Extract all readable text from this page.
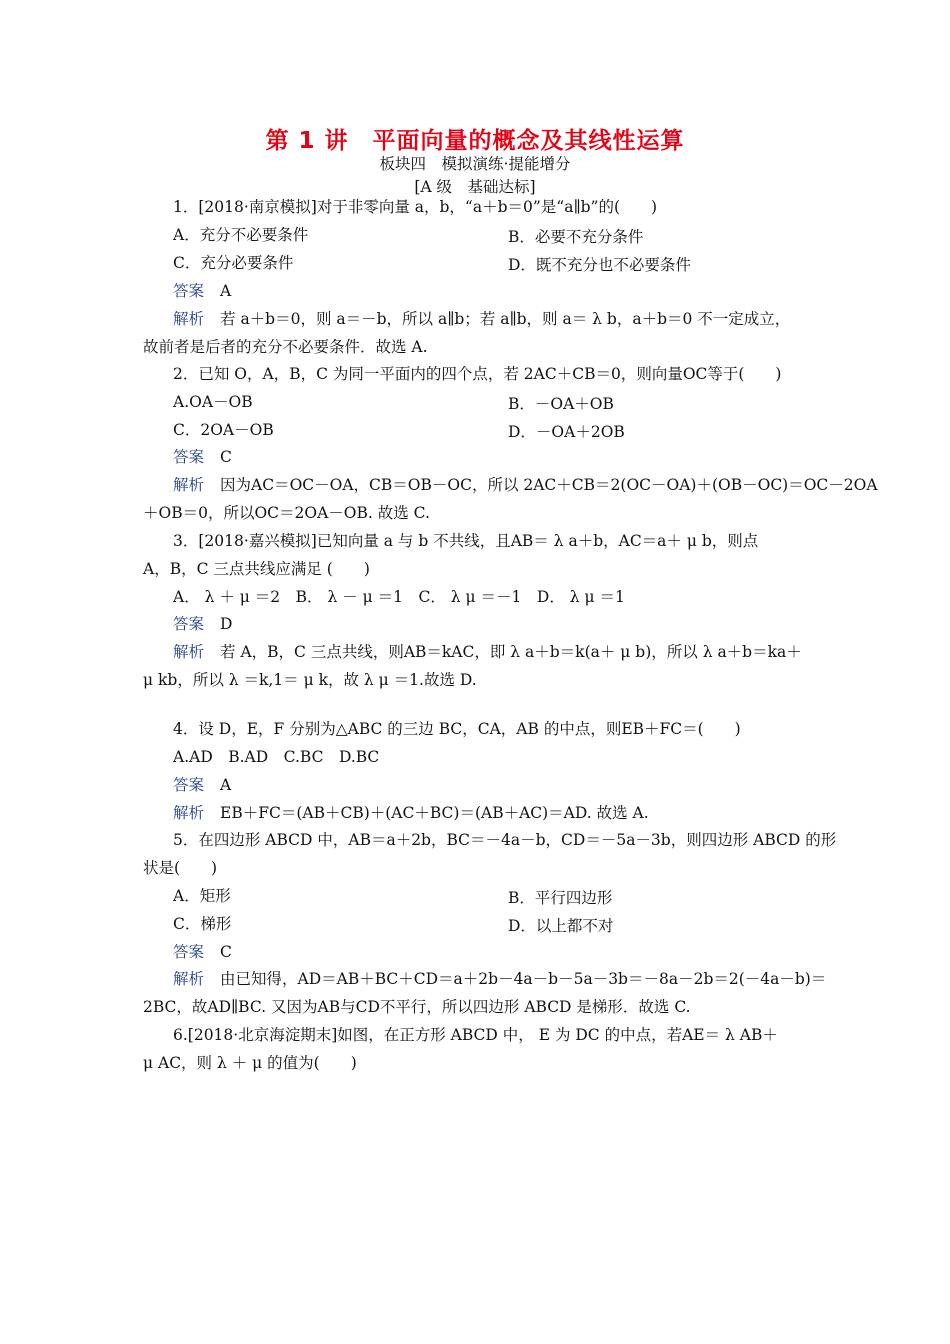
第 1 讲　平面向量的概念及其线性运算
板块四　模拟演练·提能增分
[A 级　基础达标]
1．[2018·南京模拟]对于非零向量 a，b，“a＋b＝0”是“a∥b”的(　　)
A．充分不必要条件	B．必要不充分条件
C．充分必要条件	D．既不充分也不必要条件
答案 A
解析 若 a＋b＝0，则 a＝－b，所以 a∥b；若 a∥b，则 a＝ λ b，a＋b＝0 不一定成立，
故前者是后者的充分不必要条件．故选 A.
2．已知 O，A，B，C 为同一平面内的四个点，若 2AC＋CB＝0，则向量OC等于(　　)
A.OA－OB	B．－OA＋OB
C．2OA－OB	D．－OA＋2OB
答案 C
解析 因为AC＝OC－OA，CB＝OB－OC，所以 2AC＋CB＝2(OC－OA)＋(OB－OC)＝OC－2OA
＋OB＝0，所以OC＝2OA－OB. 故选 C.
3．[2018·嘉兴模拟]已知向量 a 与 b 不共线，且AB＝ λ a＋b，AC＝a＋ μ b，则点
A，B，C 三点共线应满足 (　　)
A． λ ＋ μ ＝2　B． λ － μ ＝1　C． λ μ ＝－1　D． λ μ ＝1
答案 D
解析 若 A，B，C 三点共线，则AB＝kAC，即 λ a＋b＝k(a＋ μ b)，所以 λ a＋b＝ka＋
μ kb，所以 λ ＝k,1＝ μ k，故 λ μ ＝1.故选 D.
4．设 D，E，F 分别为△ABC 的三边 BC，CA，AB 的中点，则EB＋FC＝(　　)
A.AD　B.AD　C.BC　D.BC
答案 A
解析 EB＋FC＝(AB＋CB)＋(AC＋BC)＝(AB＋AC)＝AD. 故选 A.
5．在四边形 ABCD 中，AB＝a＋2b，BC＝－4a－b，CD＝－5a－3b，则四边形 ABCD 的形
状是(　　)
A．矩形	B．平行四边形
C．梯形	D．以上都不对
答案 C
解析 由已知得，AD＝AB＋BC＋CD＝a＋2b－4a－b－5a－3b＝－8a－2b＝2(－4a－b)＝
2BC，故AD∥BC. 又因为AB与CD不平行，所以四边形 ABCD 是梯形．故选 C.
6.[2018·北京海淀期末]如图，在正方形 ABCD 中， E 为 DC 的中点，若AE＝ λ AB＋
μ AC，则 λ ＋ μ 的值为(　　)
